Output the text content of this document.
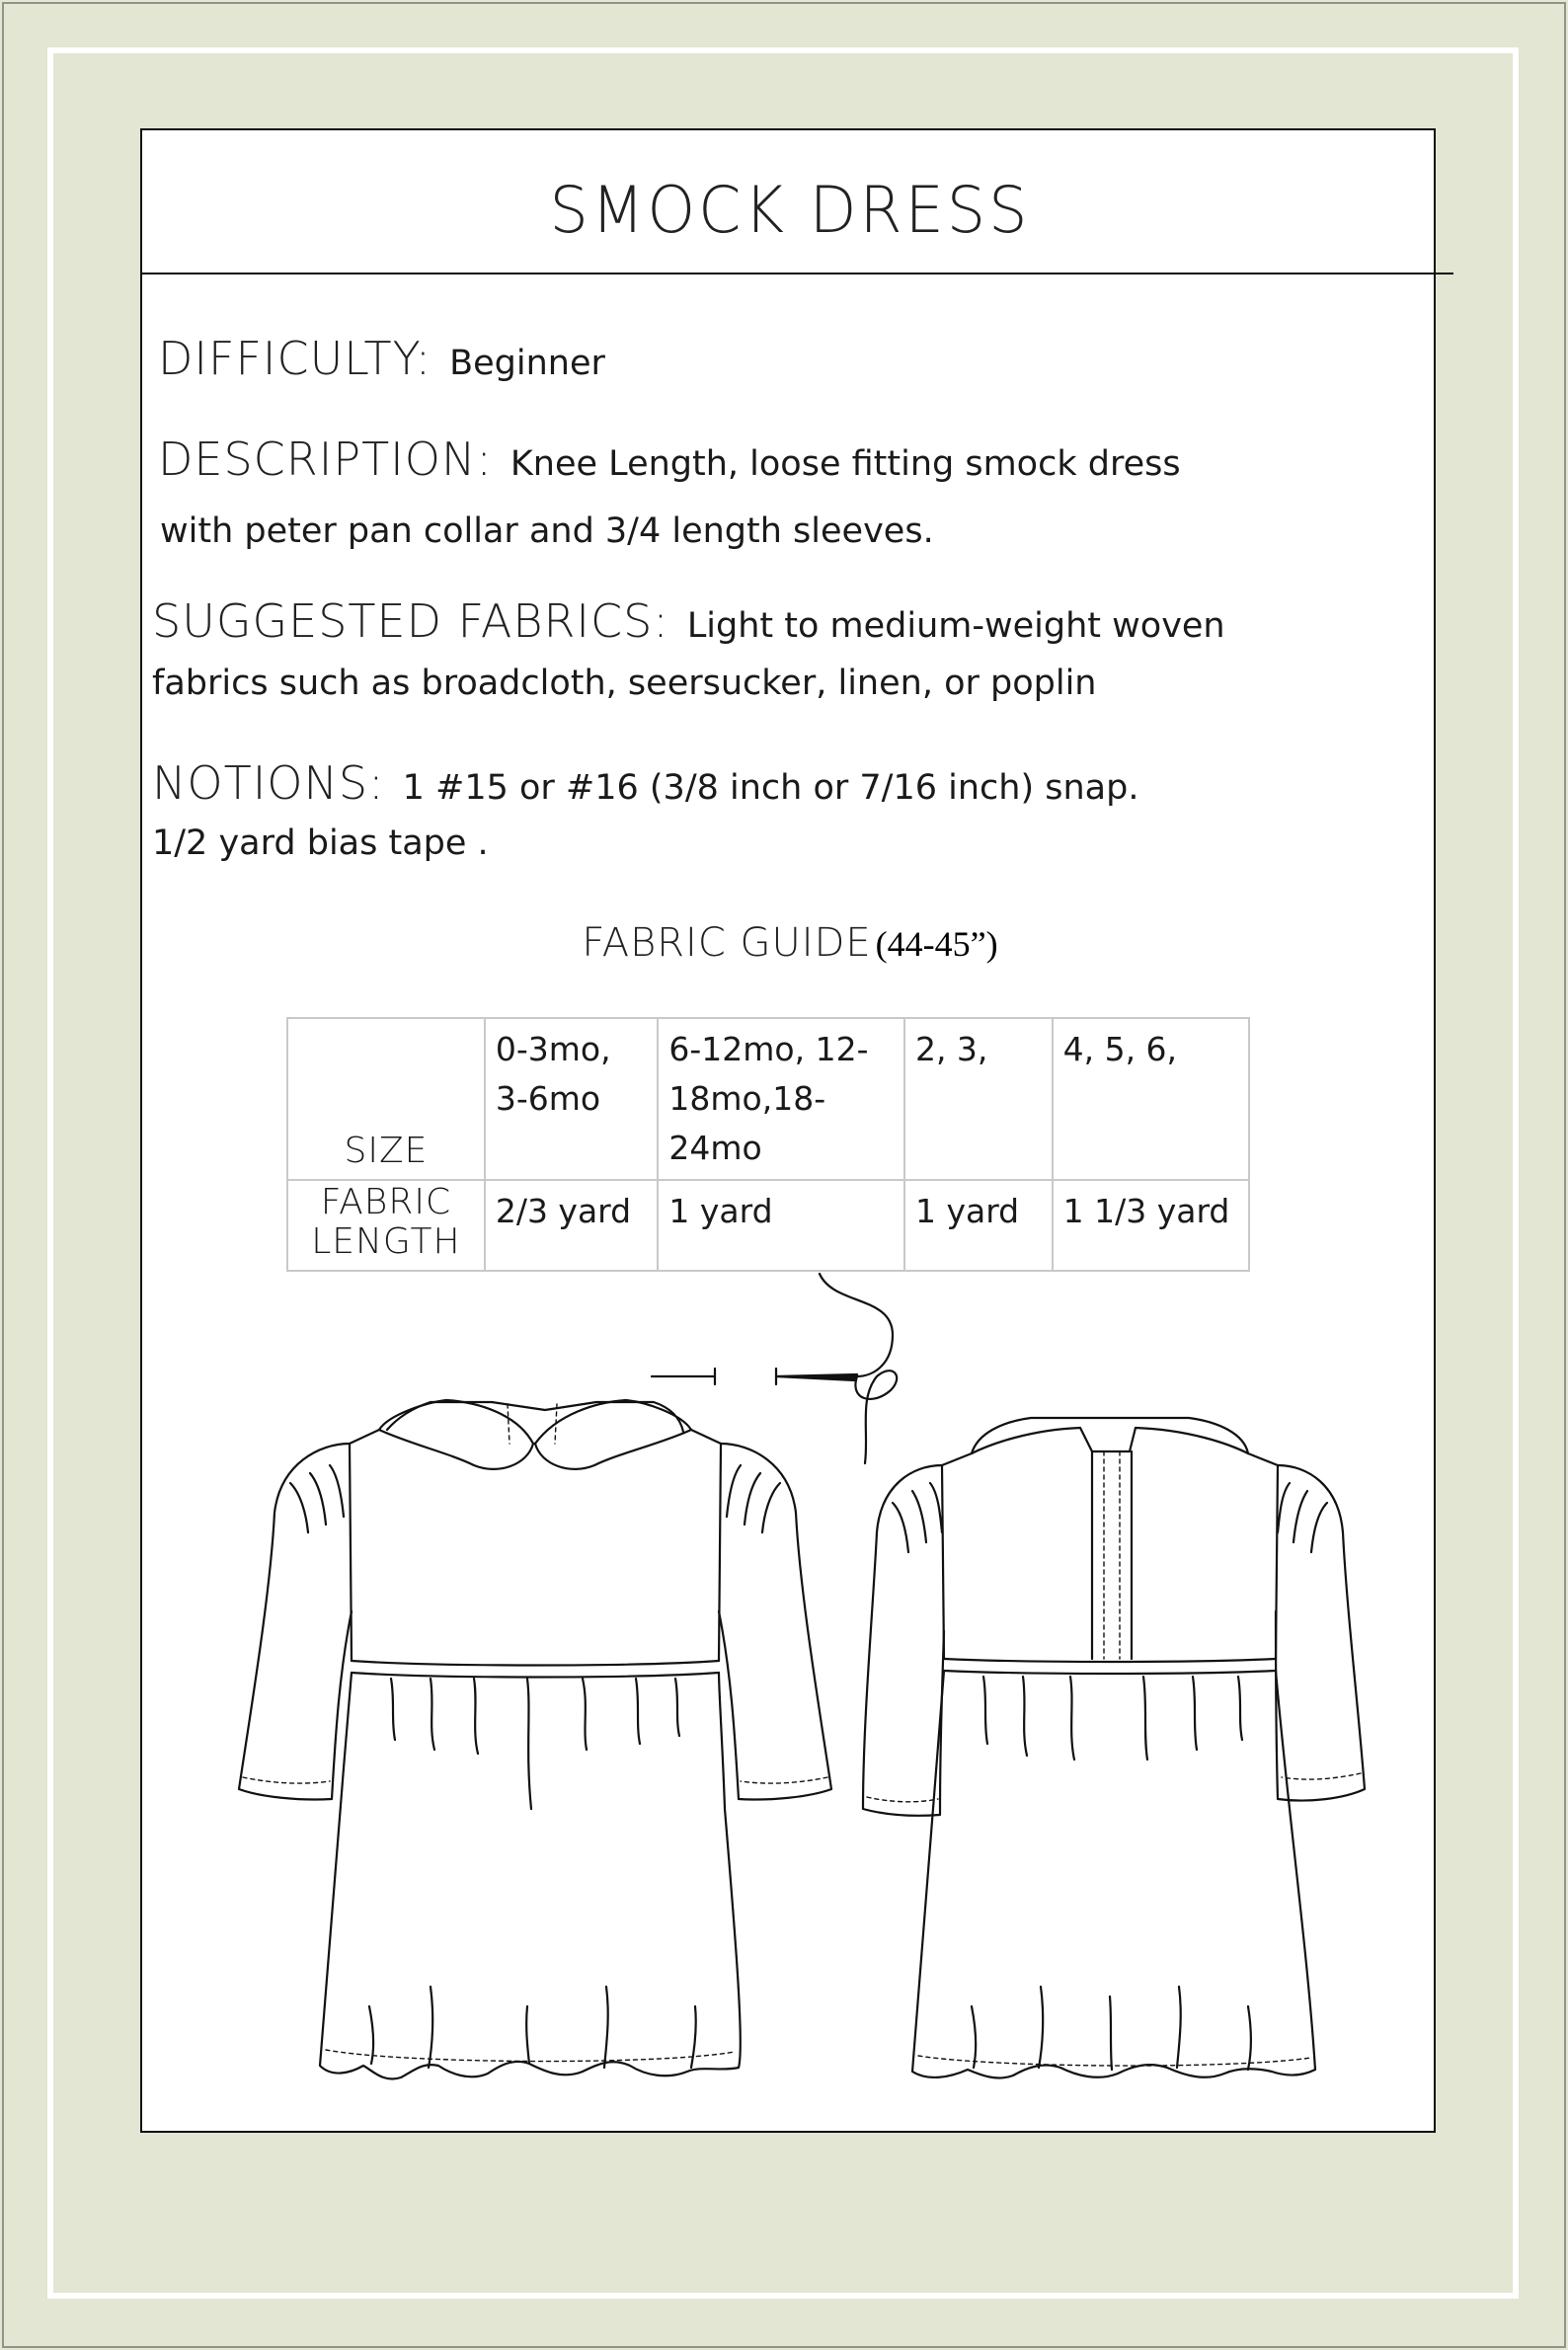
SMOCK DRESS
DIFFICULTY: Beginner
DESCRIPTION: Knee Length, loose fitting smock dress
with peter pan collar and 3/4 length sleeves.
SUGGESTED FABRICS: Light to medium-weight woven
fabrics such as broadcloth, seersucker, linen, or poplin
NOTIONS: 1 #15 or #16 (3/8 inch or 7/16 inch) snap.
1/2 yard bias tape .
FABRIC GUIDE (44-45”)
SIZE	0-3mo, 3-6mo	6-12mo, 12-18mo,18-24mo	2, 3,	4, 5, 6,

FABRIC
LENGTH	2/3 yard	1 yard	1 yard	1 1/3 yard
